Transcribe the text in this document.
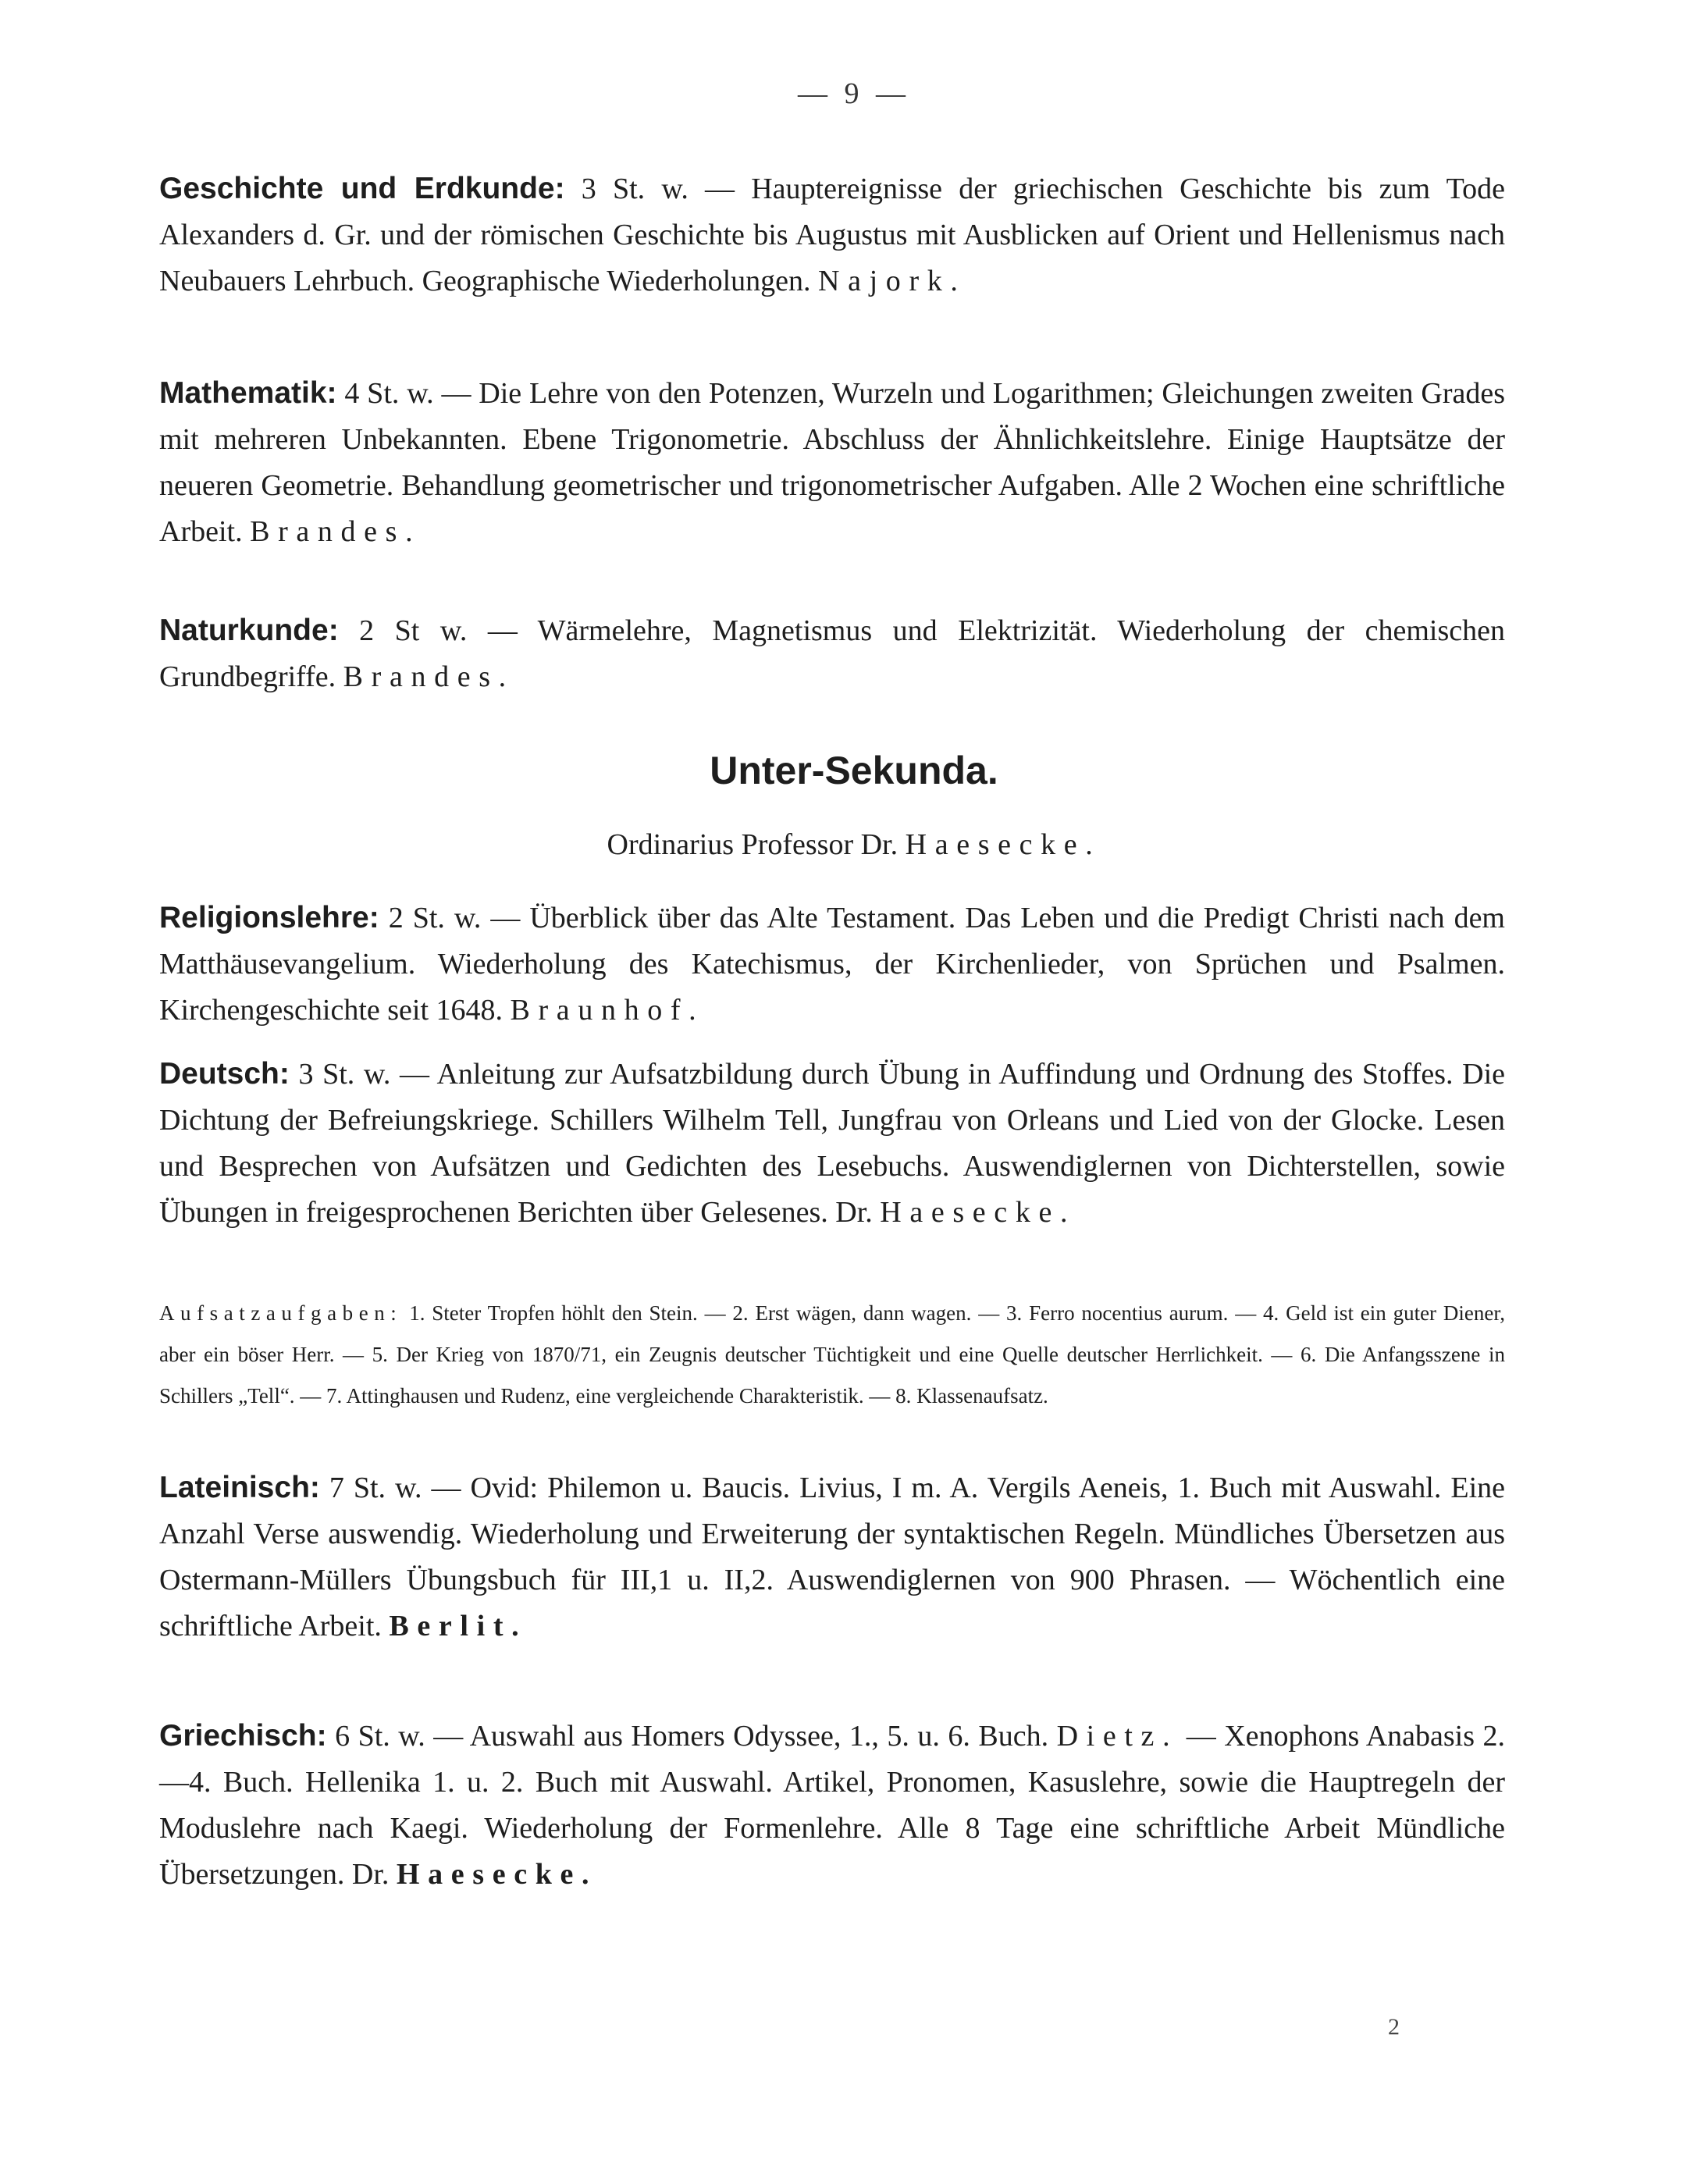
— 9 —

Geschichte und Erdkunde: 3 St. w. — Hauptereignisse der griechischen Geschichte bis zum Tode Alexanders d. Gr. und der römischen Geschichte bis Augustus mit Ausblicken auf Orient und Hellenismus nach Neubauers Lehrbuch. Geographische Wiederholungen. Najork.

Mathematik: 4 St. w. — Die Lehre von den Potenzen, Wurzeln und Logarithmen; Gleichungen zweiten Grades mit mehreren Unbekannten. Ebene Trigonometrie. Abschluss der Ähnlichkeitslehre. Einige Hauptsätze der neueren Geometrie. Behandlung geometrischer und trigonometrischer Aufgaben. Alle 2 Wochen eine schriftliche Arbeit. Brandes.

Naturkunde: 2 St w. — Wärmelehre, Magnetismus und Elektrizität. Wiederholung der chemischen Grundbegriffe. Brandes.

Unter-Sekunda.
Ordinarius Professor Dr. Haesecke.

Religionslehre: 2 St. w. — Überblick über das Alte Testament. Das Leben und die Predigt Christi nach dem Matthäusevangelium. Wiederholung des Katechismus, der Kirchenlieder, von Sprüchen und Psalmen. Kirchengeschichte seit 1648. Braunhof.

Deutsch: 3 St. w. — Anleitung zur Aufsatzbildung durch Übung in Auffindung und Ordnung des Stoffes. Die Dichtung der Befreiungskriege. Schillers Wilhelm Tell, Jungfrau von Orleans und Lied von der Glocke. Lesen und Besprechen von Aufsätzen und Gedichten des Lesebuchs. Auswendiglernen von Dichterstellen, sowie Übungen in freigesprochenen Berichten über Gelesenes. Dr. Haesecke.

Aufsatzaufgaben: 1. Steter Tropfen höhlt den Stein. — 2. Erst wägen, dann wagen. — 3. Ferro nocentius aurum. — 4. Geld ist ein guter Diener, aber ein böser Herr. — 5. Der Krieg von 1870/71, ein Zeugnis deutscher Tüchtigkeit und eine Quelle deutscher Herrlichkeit. — 6. Die Anfangsszene in Schillers „Tell“. — 7. Attinghausen und Rudenz, eine vergleichende Charakteristik. — 8. Klassenaufsatz.

Lateinisch: 7 St. w. — Ovid: Philemon u. Baucis. Livius, I m. A. Vergils Aeneis, 1. Buch mit Auswahl. Eine Anzahl Verse auswendig. Wiederholung und Erweiterung der syntaktischen Regeln. Mündliches Übersetzen aus Ostermann-Müllers Übungsbuch für III,1 u. II,2. Auswendiglernen von 900 Phrasen. — Wöchentlich eine schriftliche Arbeit. Berlit.

Griechisch: 6 St. w. — Auswahl aus Homers Odyssee, 1., 5. u. 6. Buch. Dietz. — Xenophons Anabasis 2.—4. Buch. Hellenika 1. u. 2. Buch mit Auswahl. Artikel, Pronomen, Kasuslehre, sowie die Hauptregeln der Moduslehre nach Kaegi. Wiederholung der Formenlehre. Alle 8 Tage eine schriftliche Arbeit Mündliche Übersetzungen. Dr. Haesecke.

2
